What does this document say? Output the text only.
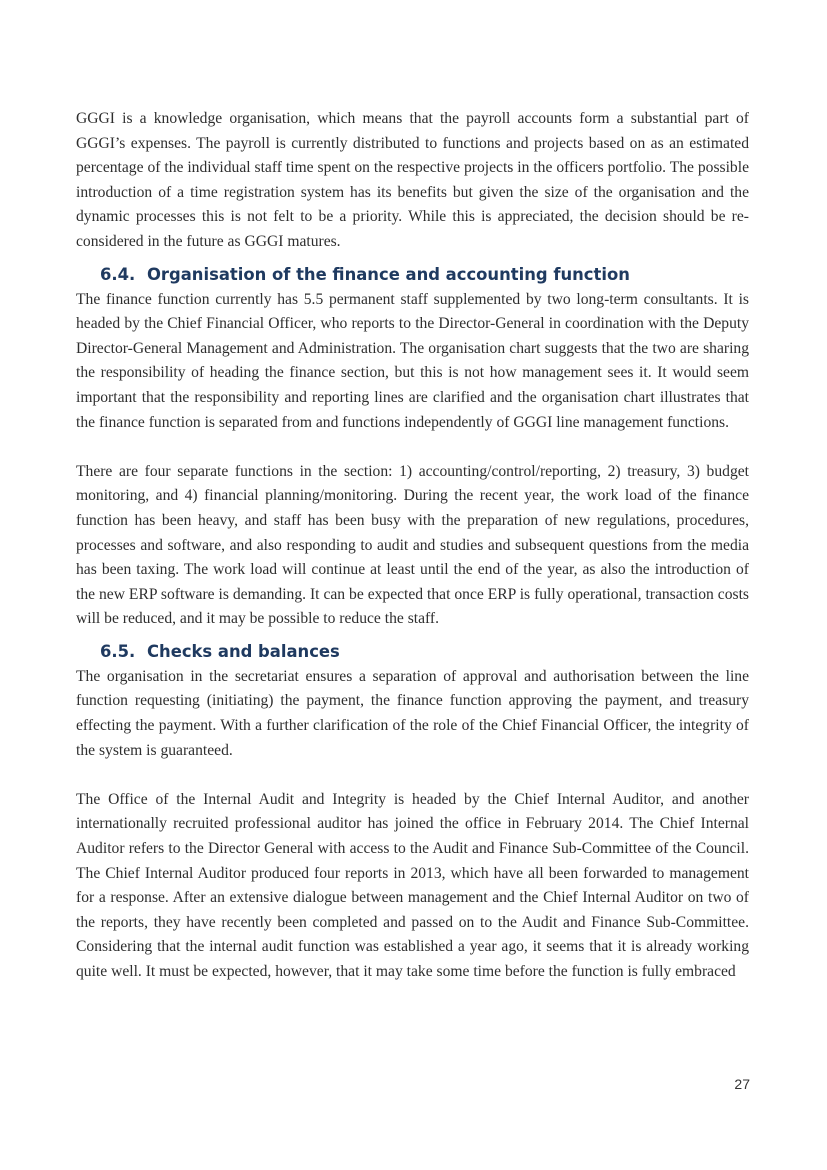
GGGI is a knowledge organisation, which means that the payroll accounts form a substantial part of GGGI’s expenses. The payroll is currently distributed to functions and projects based on as an estimated percentage of the individual staff time spent on the respective projects in the officers portfolio. The possible introduction of a time registration system has its benefits but given the size of the organisation and the dynamic processes this is not felt to be a priority. While this is appreciated, the decision should be re-considered in the future as GGGI matures.

6.4. Organisation of the finance and accounting function

The finance function currently has 5.5 permanent staff supplemented by two long-term consultants. It is headed by the Chief Financial Officer, who reports to the Director-General in coordination with the Deputy Director-General Management and Administration. The organisation chart suggests that the two are sharing the responsibility of heading the finance section, but this is not how management sees it. It would seem important that the responsibility and reporting lines are clarified and the organisation chart illustrates that the finance function is separated from and functions independently of GGGI line management functions.

There are four separate functions in the section: 1) accounting/control/reporting, 2) treasury, 3) budget monitoring, and 4) financial planning/monitoring. During the recent year, the work load of the finance function has been heavy, and staff has been busy with the preparation of new regulations, procedures, processes and software, and also responding to audit and studies and subsequent questions from the media has been taxing. The work load will continue at least until the end of the year, as also the introduction of the new ERP software is demanding. It can be expected that once ERP is fully operational, transaction costs will be reduced, and it may be possible to reduce the staff.

6.5. Checks and balances

The organisation in the secretariat ensures a separation of approval and authorisation between the line function requesting (initiating) the payment, the finance function approving the payment, and treasury effecting the payment. With a further clarification of the role of the Chief Financial Officer, the integrity of the system is guaranteed.

The Office of the Internal Audit and Integrity is headed by the Chief Internal Auditor, and another internationally recruited professional auditor has joined the office in February 2014. The Chief Internal Auditor refers to the Director General with access to the Audit and Finance Sub-Committee of the Council. The Chief Internal Auditor produced four reports in 2013, which have all been forwarded to management for a response. After an extensive dialogue between management and the Chief Internal Auditor on two of the reports, they have recently been completed and passed on to the Audit and Finance Sub-Committee. Considering that the internal audit function was established a year ago, it seems that it is already working quite well. It must be expected, however, that it may take some time before the function is fully embraced

27
